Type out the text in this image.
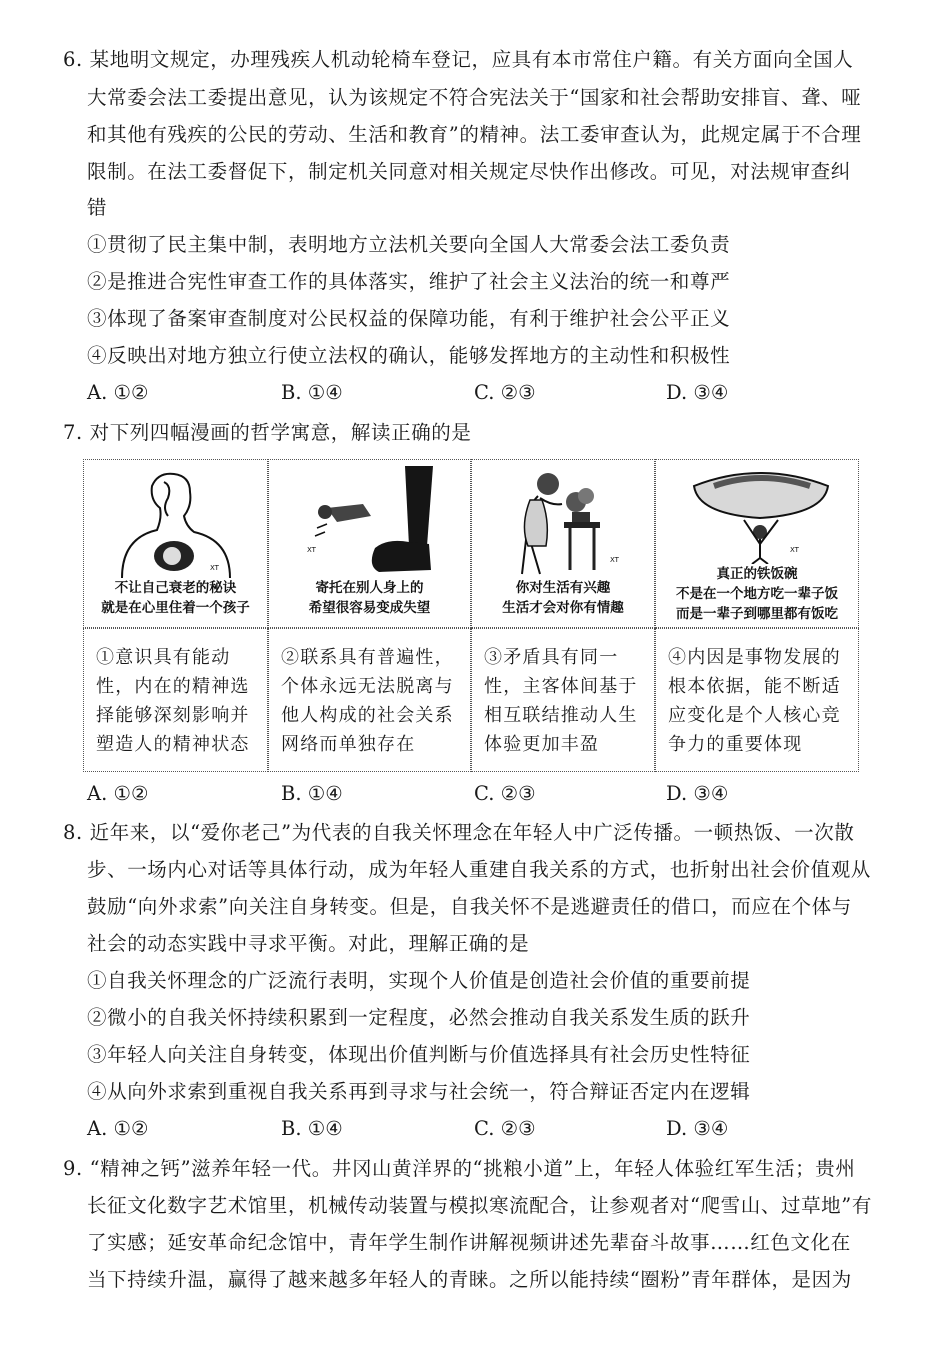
6. 某地明文规定，办理残疾人机动轮椅车登记，应具有本市常住户籍。有关方面向全国人
大常委会法工委提出意见，认为该规定不符合宪法关于“国家和社会帮助安排盲、聋、哑
和其他有残疾的公民的劳动、生活和教育”的精神。法工委审查认为，此规定属于不合理
限制。在法工委督促下，制定机关同意对相关规定尽快作出修改。可见，对法规审查纠
错
①贯彻了民主集中制，表明地方立法机关要向全国人大常委会法工委负责
②是推进合宪性审查工作的具体落实，维护了社会主义法治的统一和尊严
③体现了备案审查制度对公民权益的保障功能，有利于维护社会公平正义
④反映出对地方独立行使立法权的确认，能够发挥地方的主动性和积极性
A. ①②	B. ①④	C. ②③	D. ③④
7. 对下列四幅漫画的哲学寓意，解读正确的是
XT
不让自己衰老的秘诀
就是在心里住着一个孩子
XT
寄托在别人身上的
希望很容易变成失望
XT
你对生活有兴趣
生活才会对你有情趣
XT
真正的铁饭碗
不是在一个地方吃一辈子饭
而是一辈子到哪里都有饭吃
①意识具有能动性，内在的精神选择能够深刻影响并塑造人的精神状态
②联系具有普遍性，个体永远无法脱离与他人构成的社会关系网络而单独存在
③矛盾具有同一性，主客体间基于相互联结推动人生体验更加丰盈
④内因是事物发展的根本依据，能不断适应变化是个人核心竞争力的重要体现
A. ①②	B. ①④	C. ②③	D. ③④
8. 近年来，以“爱你老己”为代表的自我关怀理念在年轻人中广泛传播。一顿热饭、一次散
步、一场内心对话等具体行动，成为年轻人重建自我关系的方式，也折射出社会价值观从
鼓励“向外求索”向关注自身转变。但是，自我关怀不是逃避责任的借口，而应在个体与
社会的动态实践中寻求平衡。对此，理解正确的是
①自我关怀理念的广泛流行表明，实现个人价值是创造社会价值的重要前提
②微小的自我关怀持续积累到一定程度，必然会推动自我关系发生质的跃升
③年轻人向关注自身转变，体现出价值判断与价值选择具有社会历史性特征
④从向外求索到重视自我关系再到寻求与社会统一，符合辩证否定内在逻辑
A. ①②	B. ①④	C. ②③	D. ③④
9. “精神之钙”滋养年轻一代。井冈山黄洋界的“挑粮小道”上，年轻人体验红军生活；贵州
长征文化数字艺术馆里，机械传动装置与模拟寒流配合，让参观者对“爬雪山、过草地”有
了实感；延安革命纪念馆中，青年学生制作讲解视频讲述先辈奋斗故事……红色文化在
当下持续升温，赢得了越来越多年轻人的青睐。之所以能持续“圈粉”青年群体，是因为
